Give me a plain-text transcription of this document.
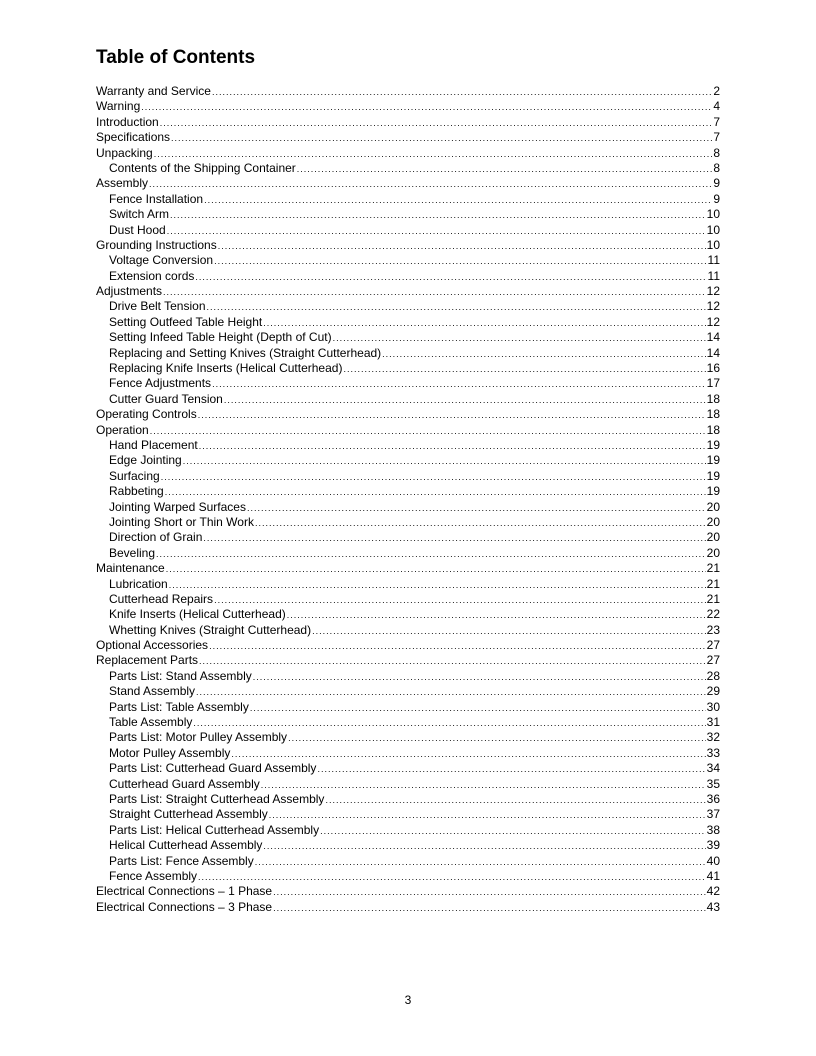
Table of Contents
Warranty and Service .....	2
Warning .....	4
Introduction .....	7
Specifications .....	7
Unpacking .....	8
Contents of the Shipping Container .....	8
Assembly .....	9
Fence Installation .....	9
Switch Arm .....	10
Dust Hood .....	10
Grounding Instructions .....	10
Voltage Conversion .....	11
Extension cords .....	11
Adjustments .....	12
Drive Belt Tension .....	12
Setting Outfeed Table Height .....	12
Setting Infeed Table Height (Depth of Cut) .....	14
Replacing and Setting Knives (Straight Cutterhead) .....	14
Replacing Knife Inserts (Helical Cutterhead) .....	16
Fence Adjustments .....	17
Cutter Guard Tension .....	18
Operating Controls .....	18
Operation .....	18
Hand Placement .....	19
Edge Jointing .....	19
Surfacing .....	19
Rabbeting .....	19
Jointing Warped Surfaces .....	20
Jointing Short or Thin Work .....	20
Direction of Grain .....	20
Beveling .....	20
Maintenance .....	21
Lubrication .....	21
Cutterhead Repairs .....	21
Knife Inserts (Helical Cutterhead) .....	22
Whetting Knives (Straight Cutterhead) .....	23
Optional Accessories .....	27
Replacement Parts .....	27
Parts List: Stand Assembly .....	28
Stand Assembly .....	29
Parts List: Table Assembly .....	30
Table Assembly .....	31
Parts List: Motor Pulley Assembly .....	32
Motor Pulley Assembly .....	33
Parts List: Cutterhead Guard Assembly .....	34
Cutterhead Guard Assembly .....	35
Parts List: Straight Cutterhead Assembly .....	36
Straight Cutterhead Assembly .....	37
Parts List: Helical Cutterhead Assembly .....	38
Helical Cutterhead Assembly .....	39
Parts List: Fence Assembly .....	40
Fence Assembly .....	41
Electrical Connections – 1 Phase .....	42
Electrical Connections – 3 Phase .....	43
3
